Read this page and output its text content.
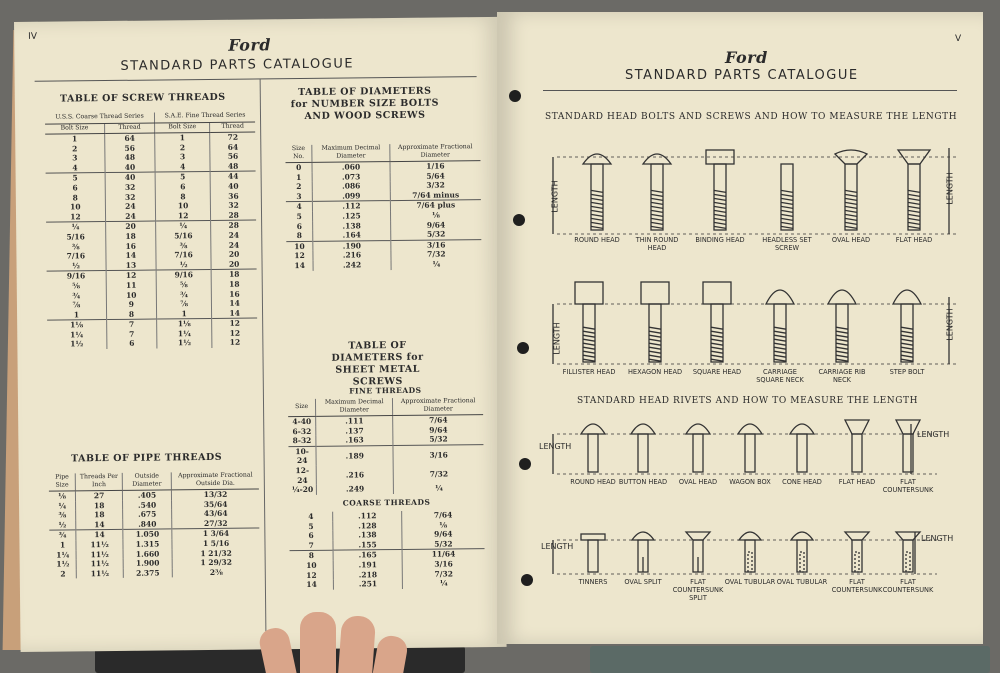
IV	Ford
STANDARD PARTS CATALOGUE
TABLE OF SCREW THREADS
U.S.S. Coarse Thread Series		S.A.E. Fine Thread Series	
Bolt Size	Thread	Bolt Size	Thread
1	64	1	72
2	56	2	64
3	48	3	56
4	40	4	48
5	40	5	44
6	32	6	40
8	32	8	36
10	24	10	32
12	24	12	28
¼	20	¼	28
5/16	18	5/16	24
⅜	16	⅜	24
7/16	14	7/16	20
½	13	½	20
9/16	12	9/16	18
⅝	11	⅝	18
¾	10	¾	16
⅞	9	⅞	14
1	8	1	14
1⅛	7	1⅛	12
1¼	7	1¼	12
1½	6	1½	12
TABLE OF PIPE THREADS
Pipe Size	Threads Per Inch	Outside Diameter	Approximate Fractional Outside Dia.
⅛	27	.405	13/32
¼	18	.540	35/64
⅜	18	.675	43/64
½	14	.840	27/32
¾	14	1.050	1 3/64
1	11½	1.315	1 5/16
1¼	11½	1.660	1 21/32
1½	11½	1.900	1 29/32
2	11½	2.375	2⅜
TABLE OF DIAMETERS for NUMBER SIZE BOLTS AND WOOD SCREWS
Size No.	Maximum Decimal Diameter	Approximate Fractional Diameter
0	.060	1/16
1	.073	5/64
2	.086	3/32
3	.099	7/64 minus
4	.112	7/64 plus
5	.125	⅛
6	.138	9/64
8	.164	5/32
10	.190	3/16
12	.216	7/32
14	.242	¼
TABLE OF DIAMETERS for SHEET METAL SCREWS
FINE THREADS
Size	Maximum Decimal Diameter	Approximate Fractional Diameter
4-40	.111	7/64
6-32	.137	9/64
8-32	.163	5/32
10-24	.189	3/16
12-24	.216	7/32
¼-20	.249	¼
COARSE THREADS
4	.112	7/64
5	.128	⅛
6	.138	9/64
7	.155	5/32
8	.165	11/64
10	.191	3/16
12	.218	7/32
14	.251	¼
V
Ford
STANDARD PARTS CATALOGUE
STANDARD HEAD BOLTS AND SCREWS AND HOW TO MEASURE THE LENGTH
STANDARD HEAD RIVETS AND HOW TO MEASURE THE LENGTH
ROUND HEAD	THIN ROUND HEAD
BINDING HEAD	HEADLESS SET SCREW
OVAL HEAD	FLAT HEAD
FILLISTER HEAD	HEXAGON HEAD	SQUARE HEAD	CARRIAGE SQUARE NECK
CARRIAGE RIB NECK
STEP BOLT
ROUND HEAD BUTTON HEAD	OVAL HEAD	WAGON BOX	CONE HEAD	FLAT HEAD	FLAT COUNTERSUNK
TINNERS	OVAL SPLIT	FLAT COUNTERSUNK SPLIT
OVAL TUBULAR OVAL TUBULAR	FLAT COUNTERSUNK
FLAT COUNTERSUNK
LENGTH	LENGTH
LENGTH	LENGTH
LENGTH
LENGTH
LENGTH
LENGTH
